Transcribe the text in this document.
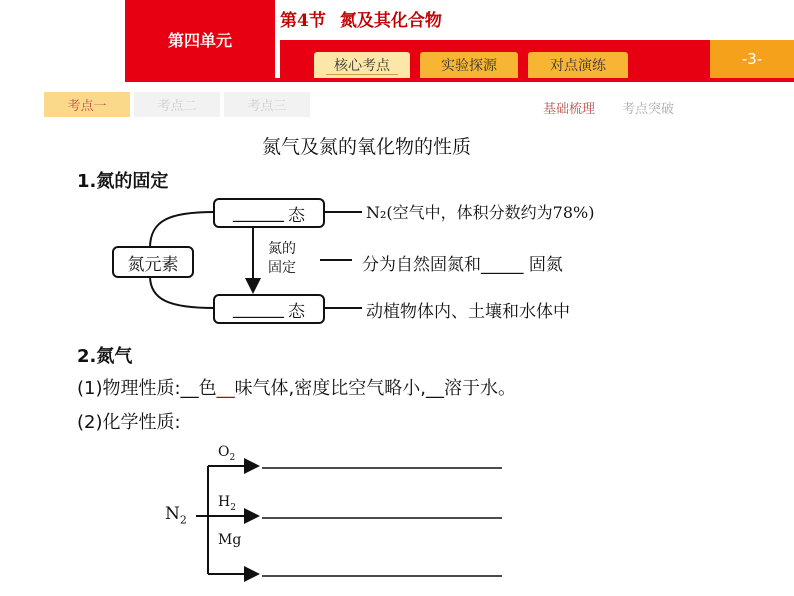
第四单元
第4节 氮及其化合物
核心考点	实验探源	对点演练	-3-
考点一	考点二	考点三	基础梳理 考点突破
氮气及氮的氧化物的性质
1.氮的固定
氮元素
______ 态	N₂(空气中，体积分数约为78%)
氮的
固定	分为自然固氮和_____ 固氮
______ 态	动植物体内、土壤和水体中
2.氮气
(1)物理性质:__色__味气体,密度比空气略小,__溶于水。
(2)化学性质:
$N_2$
$O_2$
$H_2$
Mg
